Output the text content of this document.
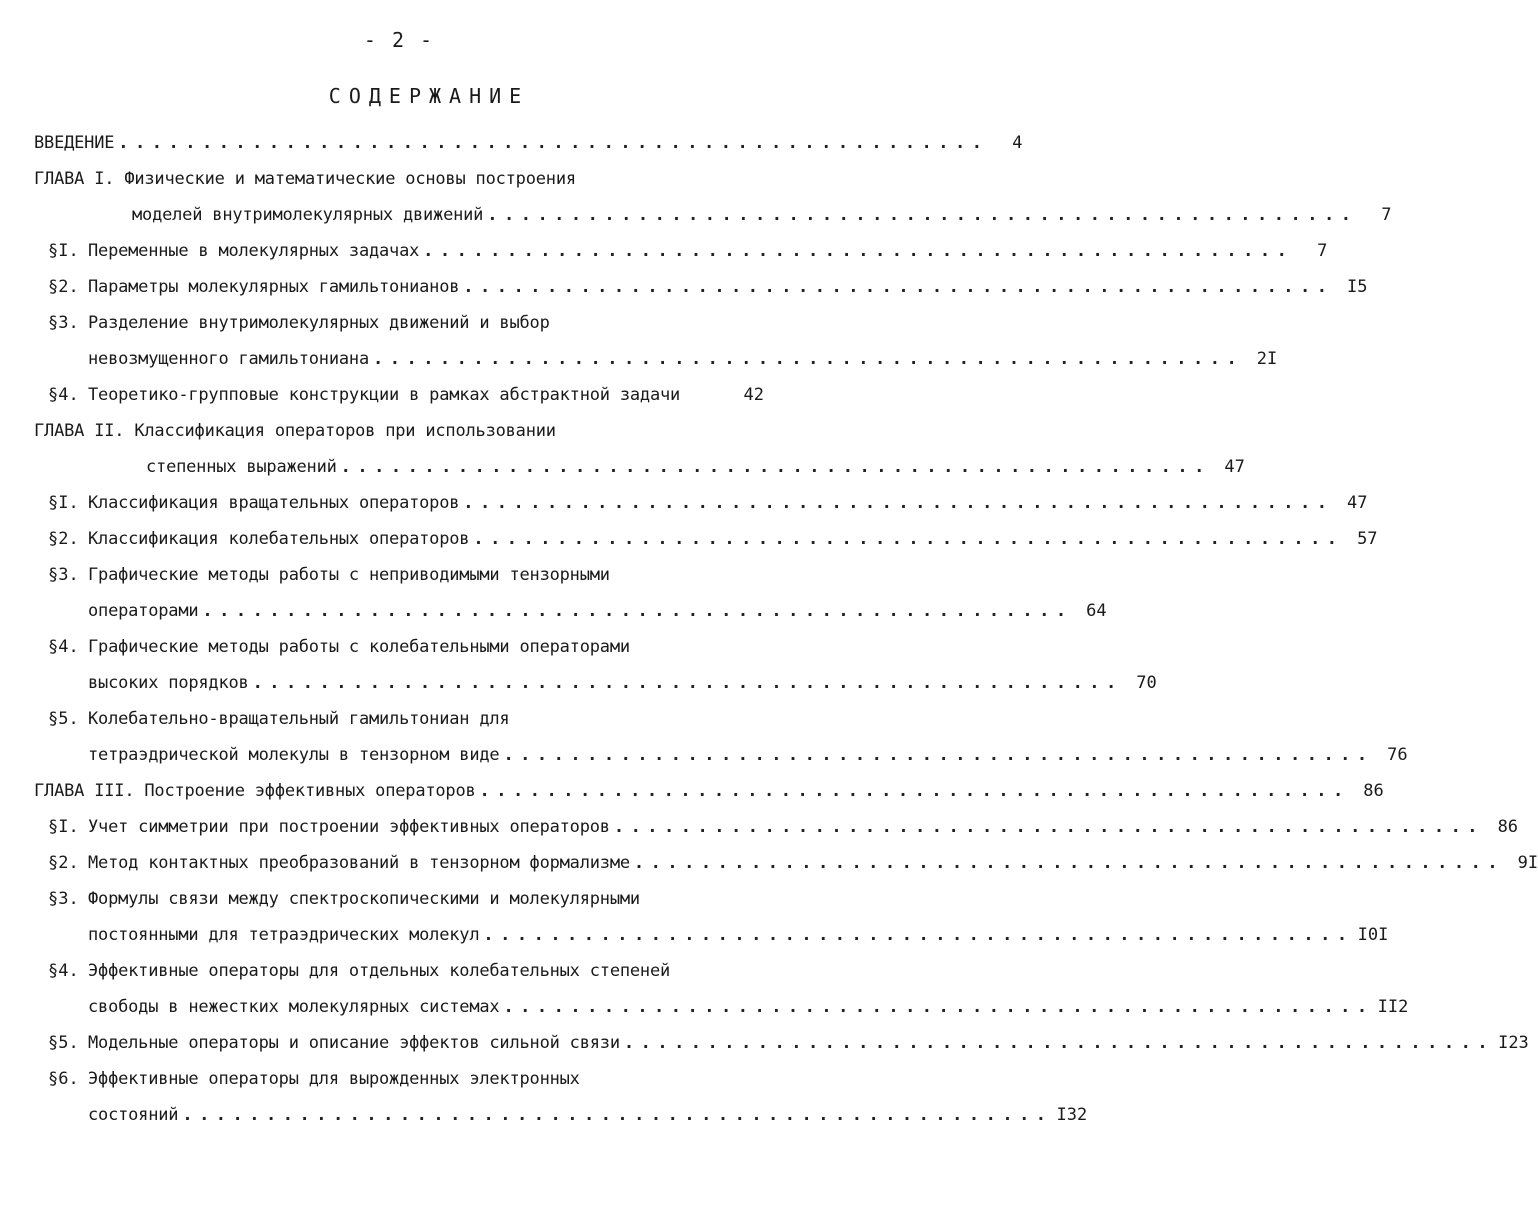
- 2 -
СОДЕРЖАНИЕ
ВВЕДЕНИЕ ....................................................	4
ГЛАВА I. Физические и математические основы построения
моделей внутримолекулярных движений ....................................................	7
§I. Переменные в молекулярных задачах ....................................................	7
§2. Параметры молекулярных гамильтонианов .................................................... I5
§3. Разделение внутримолекулярных движений и выбор
невозмущенного гамильтониана .................................................... 2I
§4. Теоретико-групповые конструкции в рамках абстрактной задачи	42
ГЛАВА II. Классификация операторов при использовании
степенных выражений .................................................... 47
§I. Классификация вращательных операторов .................................................... 47
§2. Классификация колебательных операторов .................................................... 57
§3. Графические методы работы с неприводимыми тензорными
операторами .................................................... 64
§4. Графические методы работы с колебательными операторами
высоких порядков .................................................... 70
§5. Колебательно-вращательный гамильтониан для
тетраэдрической молекулы в тензорном виде .................................................... 76
ГЛАВА III. Построение эффективных операторов .................................................... 86
§I. Учет симметрии при построении эффективных операторов .................................................... 86
§2. Метод контактных преобразований в тензорном формализме .................................................... 9I
§3. Формулы связи между спектроскопическими и молекулярными
постоянными для тетраэдрических молекул .................................................... I0I
§4. Эффективные операторы для отдельных колебательных степеней
свободы в нежестких молекулярных системах .................................................... II2
§5. Модельные операторы и описание эффектов сильной связи .................................................... I23
§6. Эффективные операторы для вырожденных электронных
состояний .................................................... I32
